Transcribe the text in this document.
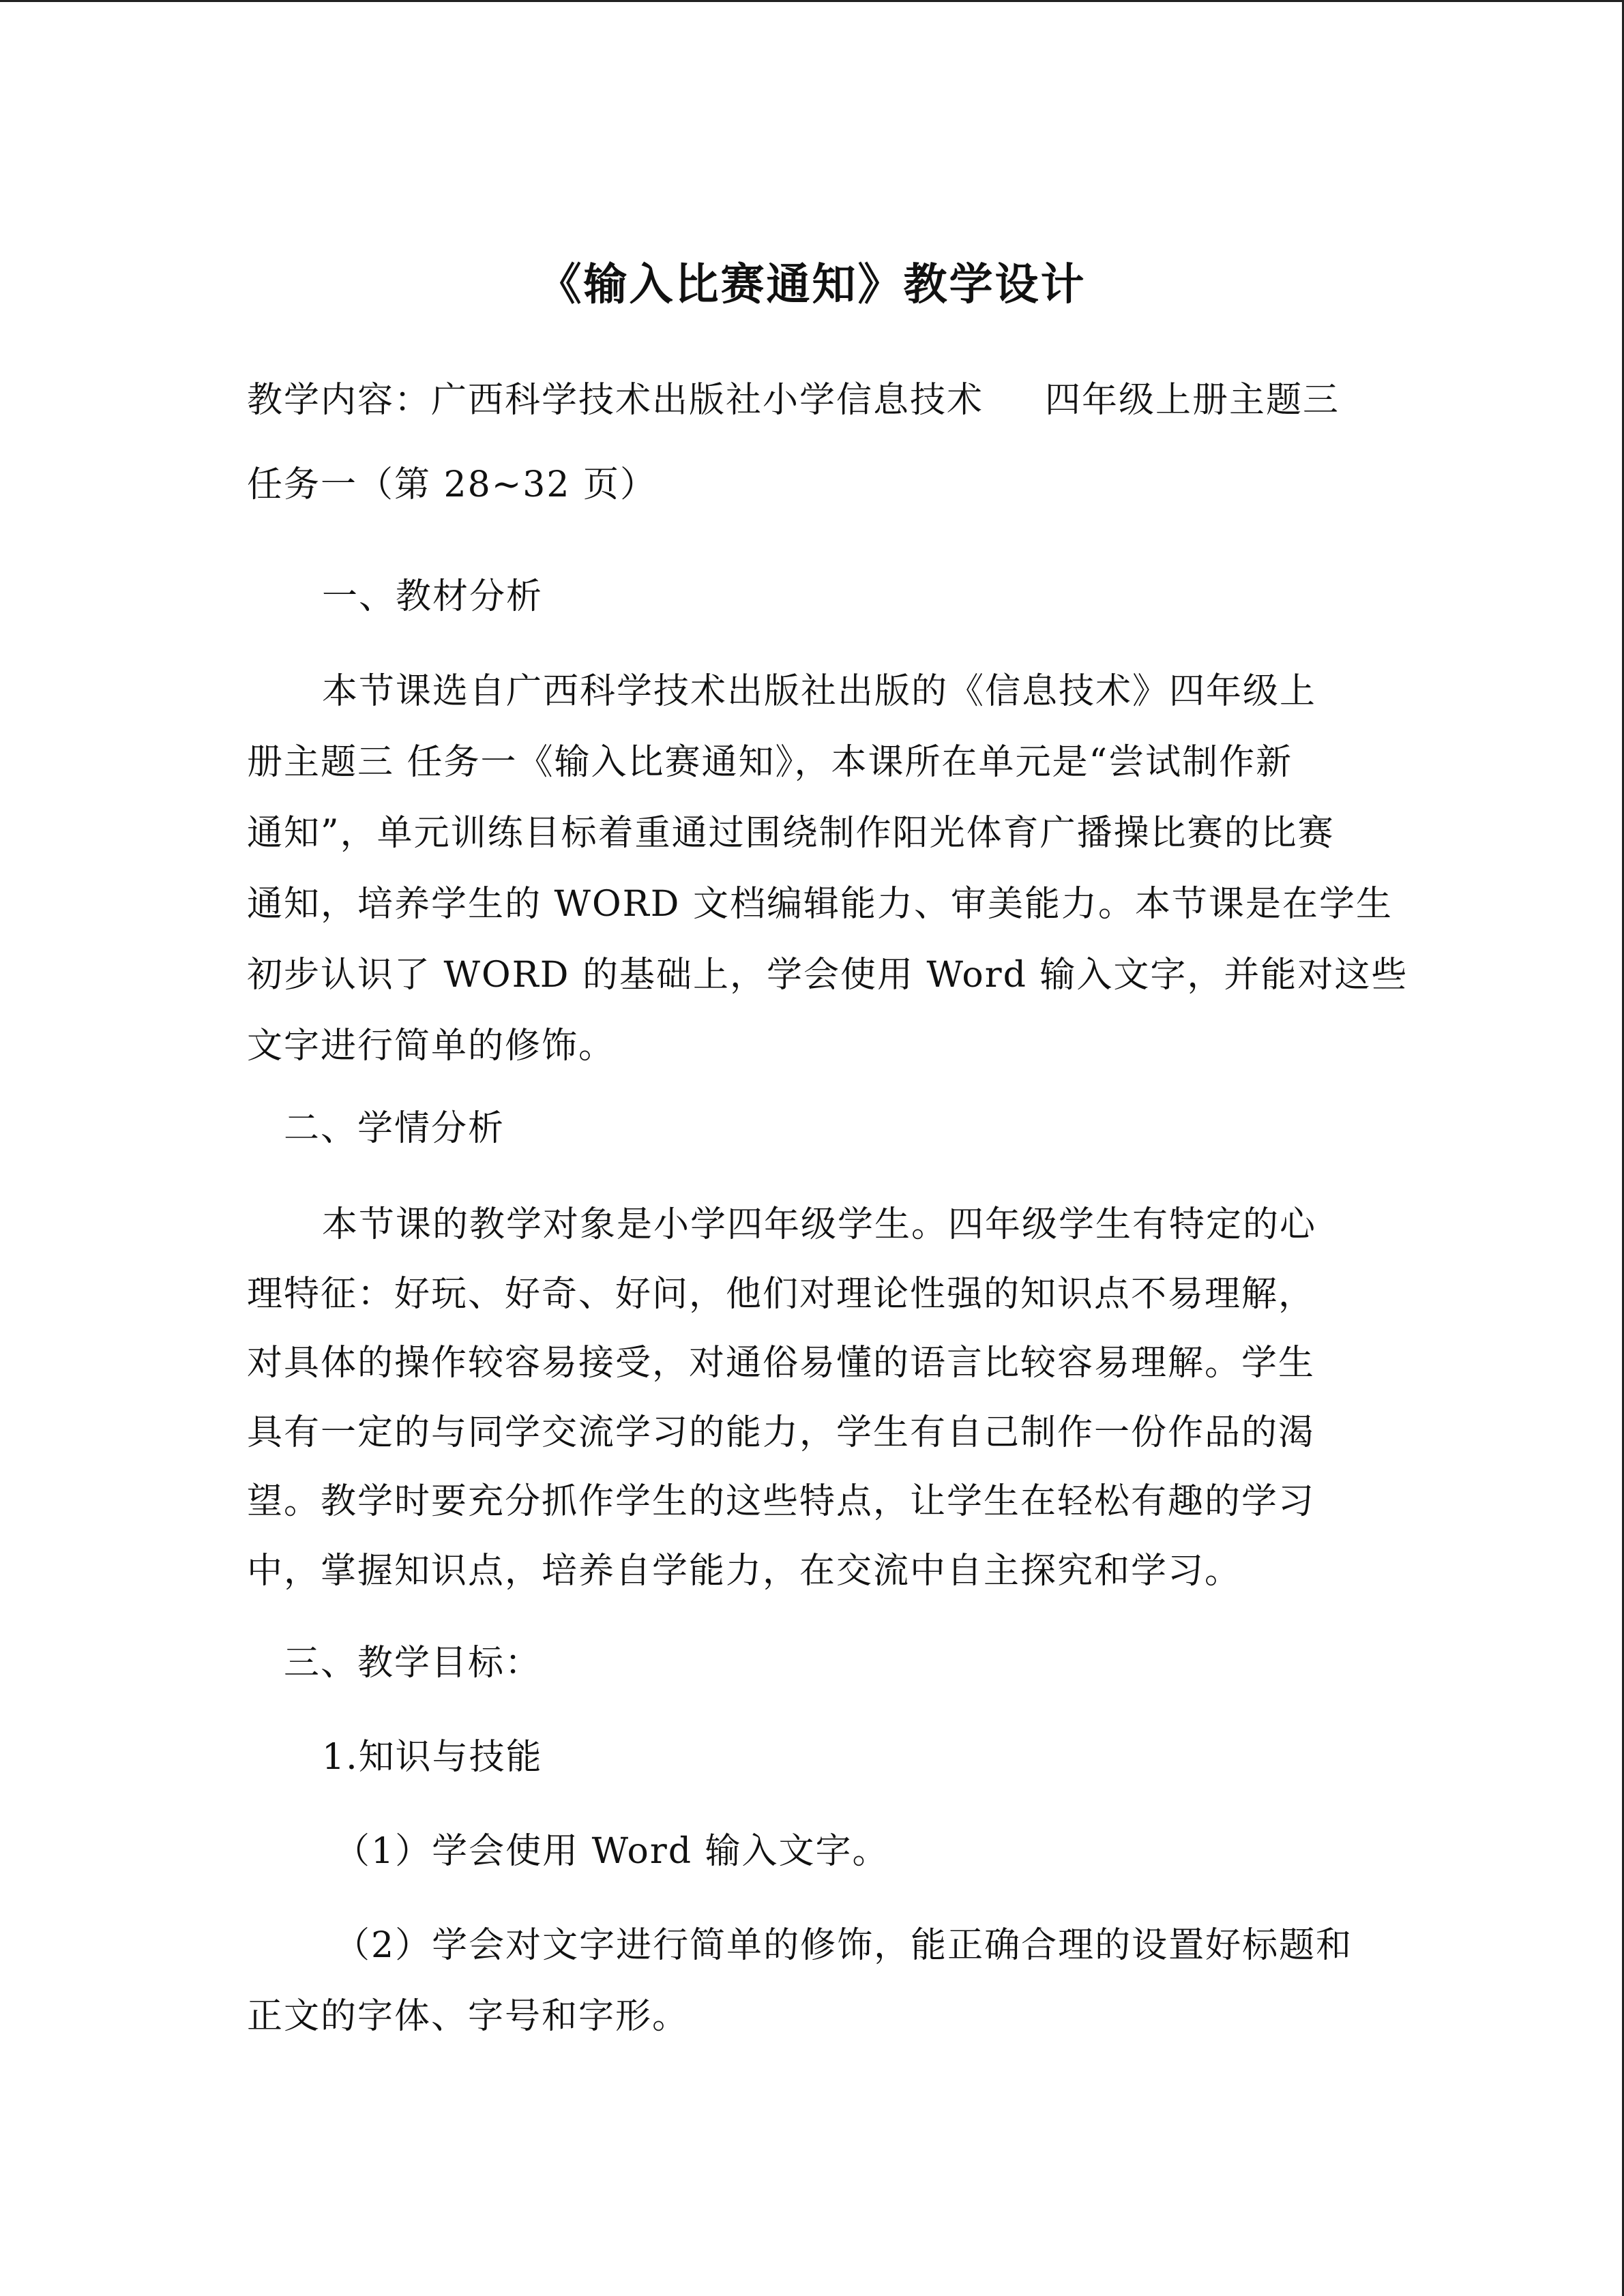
《输入比赛通知》教学设计
教学内容：广西科学技术出版社小学信息技术 四年级上册主题三
任务一（第 28~32 页）
一、教材分析
本节课选自广西科学技术出版社出版的《信息技术》四年级上
册主题三 任务一《输入比赛通知》，本课所在单元是“尝试制作新
通知”，单元训练目标着重通过围绕制作阳光体育广播操比赛的比赛
通知，培养学生的 WORD 文档编辑能力、审美能力。本节课是在学生
初步认识了 WORD 的基础上，学会使用 Word 输入文字，并能对这些
文字进行简单的修饰。
二、学情分析
本节课的教学对象是小学四年级学生。四年级学生有特定的心
理特征：好玩、好奇、好问，他们对理论性强的知识点不易理解，
对具体的操作较容易接受，对通俗易懂的语言比较容易理解。学生
具有一定的与同学交流学习的能力，学生有自己制作一份作品的渴
望。教学时要充分抓作学生的这些特点，让学生在轻松有趣的学习
中，掌握知识点，培养自学能力，在交流中自主探究和学习。
三、教学目标：
1.知识与技能
（1）学会使用 Word 输入文字。
（2）学会对文字进行简单的修饰，能正确合理的设置好标题和
正文的字体、字号和字形。
